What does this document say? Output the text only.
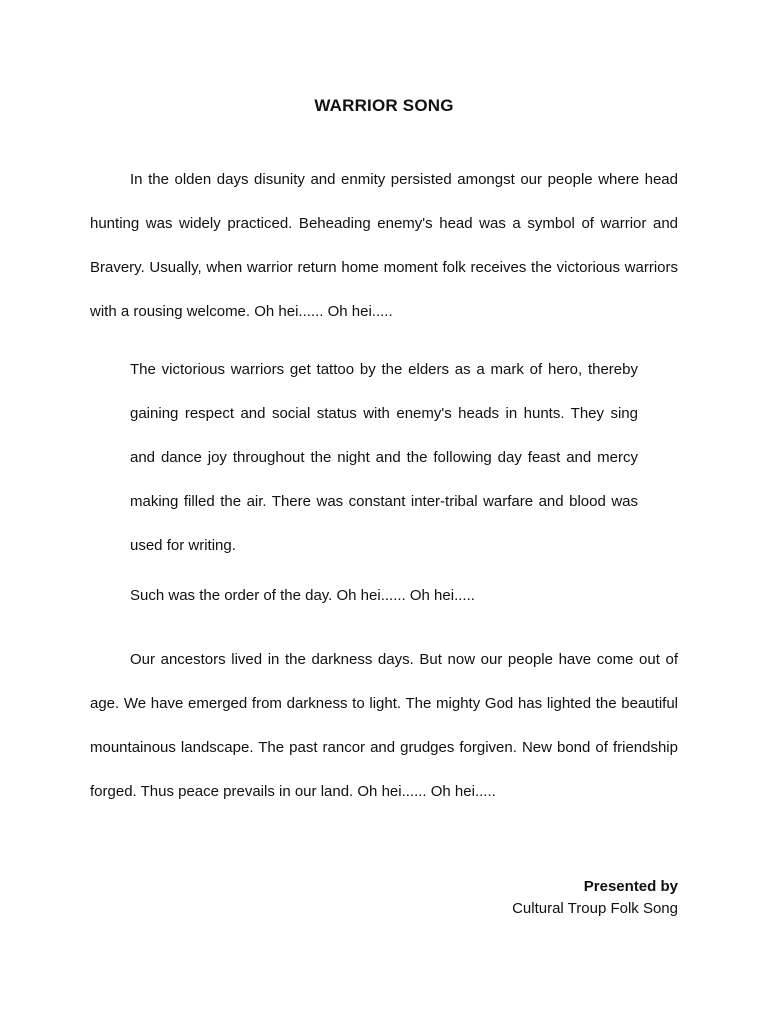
WARRIOR SONG

In the olden days disunity and enmity persisted amongst our people where head hunting was widely practiced. Beheading enemy's head was a symbol of warrior and Bravery. Usually, when warrior return home moment folk receives the victorious warriors with a rousing welcome. Oh hei...... Oh hei.....

The victorious warriors get tattoo by the elders as a mark of hero, thereby gaining respect and social status with enemy's heads in hunts. They sing and dance joy throughout the night and the following day feast and mercy making filled the air. There was constant inter-tribal warfare and blood was used for writing.

Such was the order of the day. Oh hei...... Oh hei.....

Our ancestors lived in the darkness days. But now our people have come out of age. We have emerged from darkness to light. The mighty God has lighted the beautiful mountainous landscape. The past rancor and grudges forgiven. New bond of friendship forged. Thus peace prevails in our land. Oh hei...... Oh hei.....

Presented by
Cultural Troup Folk Song
